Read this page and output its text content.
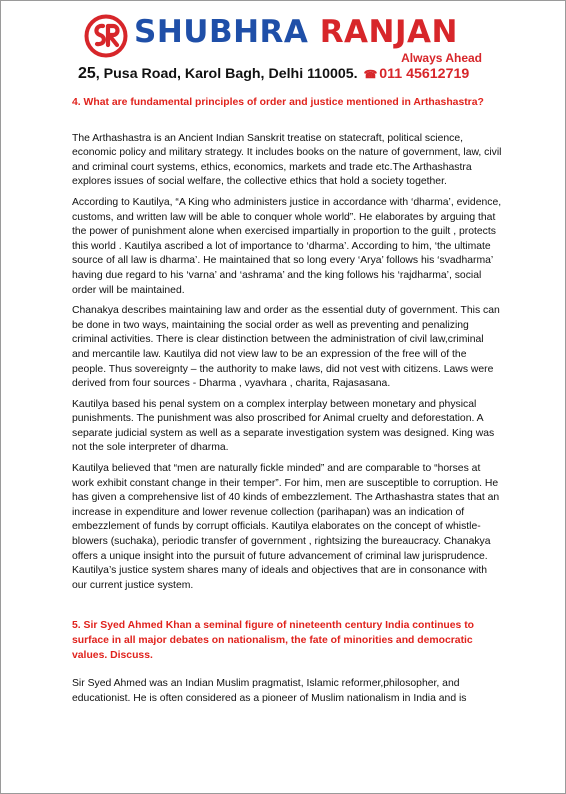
SHUBHRA RANJAN
Always Ahead
25, Pusa Road, Karol Bagh, Delhi 110005. ☎ 011 45612719

4. What are fundamental principles of order and justice mentioned in Arthashastra?

The Arthashastra is an Ancient Indian Sanskrit treatise on statecraft, political science, economic policy and military strategy. It includes books on the nature of government, law, civil and criminal court systems, ethics, economics, markets and trade etc.The Arthashastra explores issues of social welfare, the collective ethics that hold a society together.

According to Kautilya, “A King who administers justice in accordance with ‘dharma’, evidence, customs, and written law will be able to conquer whole world”. He elaborates by arguing that the power of punishment alone when exercised impartially in proportion to the guilt , protects this world . Kautilya ascribed a lot of importance to ‘dharma’. According to him, ‘the ultimate source of all law is dharma’. He maintained that so long every ‘Arya’ follows his ‘svadharma’ having due regard to his ‘varna’ and ‘ashrama’ and the king follows his ‘rajdharma’, social order will be maintained.

Chanakya describes maintaining law and order as the essential duty of government. This can be done in two ways, maintaining the social order as well as preventing and penalizing criminal activities. There is clear distinction between the administration of civil law,criminal and mercantile law. Kautilya did not view law to be an expression of the free will of the people. Thus sovereignty – the authority to make laws, did not vest with citizens. Laws were derived from four sources - Dharma , vyavhara , charita, Rajasasana.

Kautilya based his penal system on a complex interplay between monetary and physical punishments. The punishment was also proscribed for Animal cruelty and deforestation. A separate judicial system as well as a separate investigation system was designed. King was not the sole interpreter of dharma.

Kautilya believed that “men are naturally fickle minded” and are comparable to “horses at work exhibit constant change in their temper”. For him, men are susceptible to corruption. He has given a comprehensive list of 40 kinds of embezzlement. The Arthashastra states that an increase in expenditure and lower revenue collection (parihapan) was an indication of embezzlement of funds by corrupt officials. Kautilya elaborates on the concept of whistle-blowers (suchaka), periodic transfer of government , rightsizing the bureaucracy. Chanakya offers a unique insight into the pursuit of future advancement of criminal law jurisprudence. Kautilya’s justice system shares many of ideals and objectives that are in consonance with our current justice system.

5. Sir Syed Ahmed Khan a seminal figure of nineteenth century India continues to surface in all major debates on nationalism, the fate of minorities and democratic values. Discuss.

Sir Syed Ahmed was an Indian Muslim pragmatist, Islamic reformer,philosopher, and educationist. He is often considered as a pioneer of Muslim nationalism in India and is
